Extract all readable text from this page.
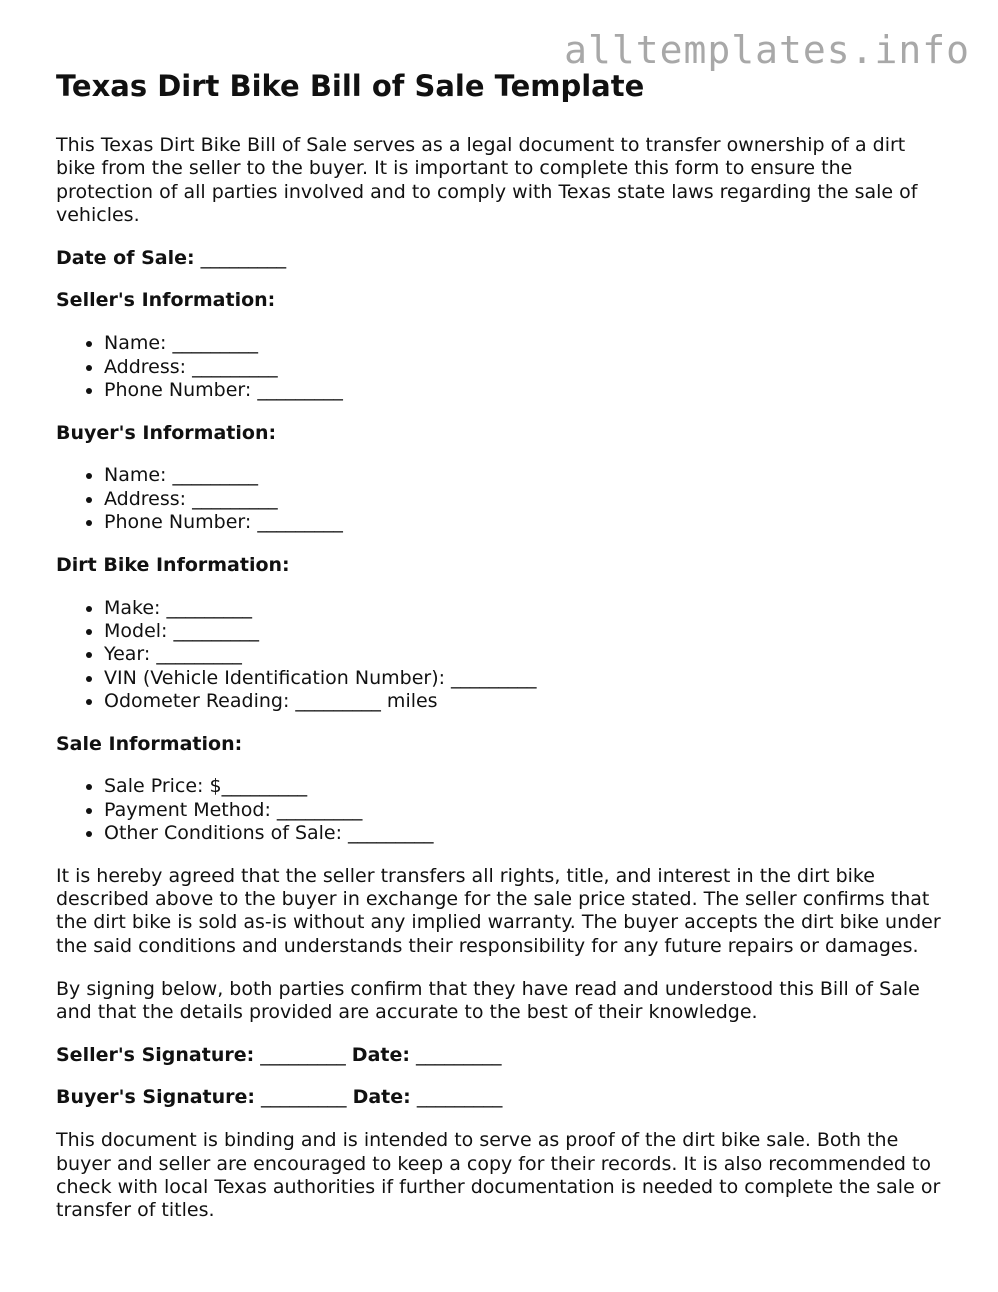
alltemplates.info
Texas Dirt Bike Bill of Sale Template

This Texas Dirt Bike Bill of Sale serves as a legal document to transfer ownership of a dirt bike from the seller to the buyer. It is important to complete this form to ensure the protection of all parties involved and to comply with Texas state laws regarding the sale of vehicles.

Date of Sale: _________

Seller's Information:
• Name: _________
• Address: _________
• Phone Number: _________
Buyer's Information:
• Name: _________
• Address: _________
• Phone Number: _________
Dirt Bike Information:
• Make: _________
• Model: _________
• Year: _________
• VIN (Vehicle Identification Number): _________
• Odometer Reading: _________ miles
Sale Information:
• Sale Price: $_________
• Payment Method: _________
• Other Conditions of Sale: _________

It is hereby agreed that the seller transfers all rights, title, and interest in the dirt bike described above to the buyer in exchange for the sale price stated. The seller confirms that the dirt bike is sold as-is without any implied warranty. The buyer accepts the dirt bike under the said conditions and understands their responsibility for any future repairs or damages.

By signing below, both parties confirm that they have read and understood this Bill of Sale and that the details provided are accurate to the best of their knowledge.

Seller's Signature: _________ Date: _________

Buyer's Signature: _________ Date: _________

This document is binding and is intended to serve as proof of the dirt bike sale. Both the buyer and seller are encouraged to keep a copy for their records. It is also recommended to check with local Texas authorities if further documentation is needed to complete the sale or transfer of titles.
